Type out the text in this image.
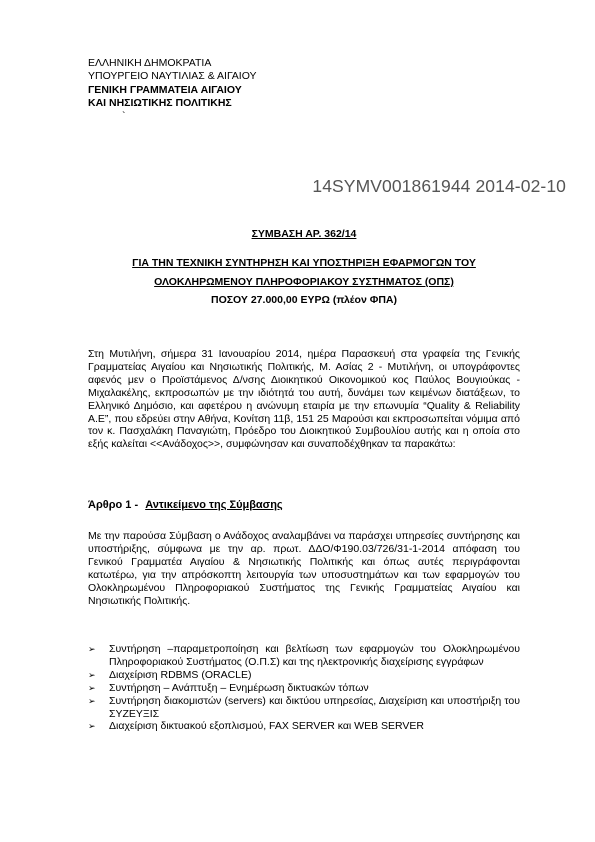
ΕΛΛΗΝΙΚΗ ΔΗΜΟΚΡΑΤΙΑ
ΥΠΟΥΡΓΕΙΟ ΝΑΥΤΙΛΙΑΣ & ΑΙΓΑΙΟΥ
ΓΕΝΙΚΗ ΓΡΑΜΜΑΤΕΙΑ ΑΙΓΑΙΟΥ
ΚΑΙ ΝΗΣΙΩΤΙΚΗΣ ΠΟΛΙΤΙΚΗΣ
`
14SYMV001861944 2014-02-10
ΣΥΜΒΑΣΗ ΑΡ. 362/14
ΓΙΑ ΤΗΝ ΤΕΧΝΙΚΗ ΣΥΝΤΗΡΗΣΗ ΚΑΙ ΥΠΟΣΤΗΡΙΞΗ ΕΦΑΡΜΟΓΩΝ ΤΟΥ
ΟΛΟΚΛΗΡΩΜΕΝΟΥ ΠΛΗΡΟΦΟΡΙΑΚΟΥ ΣΥΣΤΗΜΑΤΟΣ (ΟΠΣ)
ΠΟΣΟΥ 27.000,00 ΕΥΡΩ (πλέον ΦΠΑ)

Στη Μυτιλήνη, σήμερα 31 Ιανουαρίου 2014, ημέρα Παρασκευή στα γραφεία της Γενικής Γραμματείας Αιγαίου και Νησιωτικής Πολιτικής, Μ. Ασίας 2 - Μυτιλήνη, οι υπογράφοντες αφενός μεν ο Προϊστάμενος Δ/νσης Διοικητικού Οικονομικού κος Παύλος Βουγιούκας - Μιχαλακέλης, εκπροσωπών με την ιδιότητά του αυτή, δυνάμει των κειμένων διατάξεων, το Ελληνικό Δημόσιο, και αφετέρου η ανώνυμη εταιρία με την επωνυμία “Quality & Reliability A.E”, που εδρεύει στην Αθήνα, Κονίτση 11β, 151 25 Μαρούσι και εκπροσωπείται νόμιμα από τον κ. Πασχαλάκη Παναγιώτη, Πρόεδρο του Διοικητικού Συμβουλίου αυτής και η οποία στο εξής καλείται <<Ανάδοχος>>, συμφώνησαν και συναποδέχθηκαν τα παρακάτω:

Άρθρο 1 - Αντικείμενο της Σύμβασης

Με την παρούσα Σύμβαση ο Ανάδοχος αναλαμβάνει να παράσχει υπηρεσίες συντήρησης και υποστήριξης, σύμφωνα με την αρ. πρωτ. ΔΔΟ/Φ190.03/726/31-1-2014 απόφαση του Γενικού Γραμματέα Αιγαίου & Νησιωτικής Πολιτικής και όπως αυτές περιγράφονται κατωτέρω, για την απρόσκοπτη λειτουργία των υποσυστημάτων και των εφαρμογών του Ολοκληρωμένου Πληροφοριακού Συστήματος της Γενικής Γραμματείας Αιγαίου και Νησιωτικής Πολιτικής.

➢	Συντήρηση –παραμετροποίηση και βελτίωση των εφαρμογών του Ολοκληρωμένου Πληροφοριακού Συστήματος (Ο.Π.Σ) και της ηλεκτρονικής διαχείρισης εγγράφων
➢	Διαχείριση RDBMS (ORACLE)
➢	Συντήρηση – Ανάπτυξη – Ενημέρωση δικτυακών τόπων
➢	Συντήρηση διακομιστών (servers) και δικτύου υπηρεσίας, Διαχείριση και υποστήριξη του ΣΥΖΕΥΞΙΣ
➢	Διαχείριση δικτυακού εξοπλισμού, FAX SERVER και WEB SERVER
